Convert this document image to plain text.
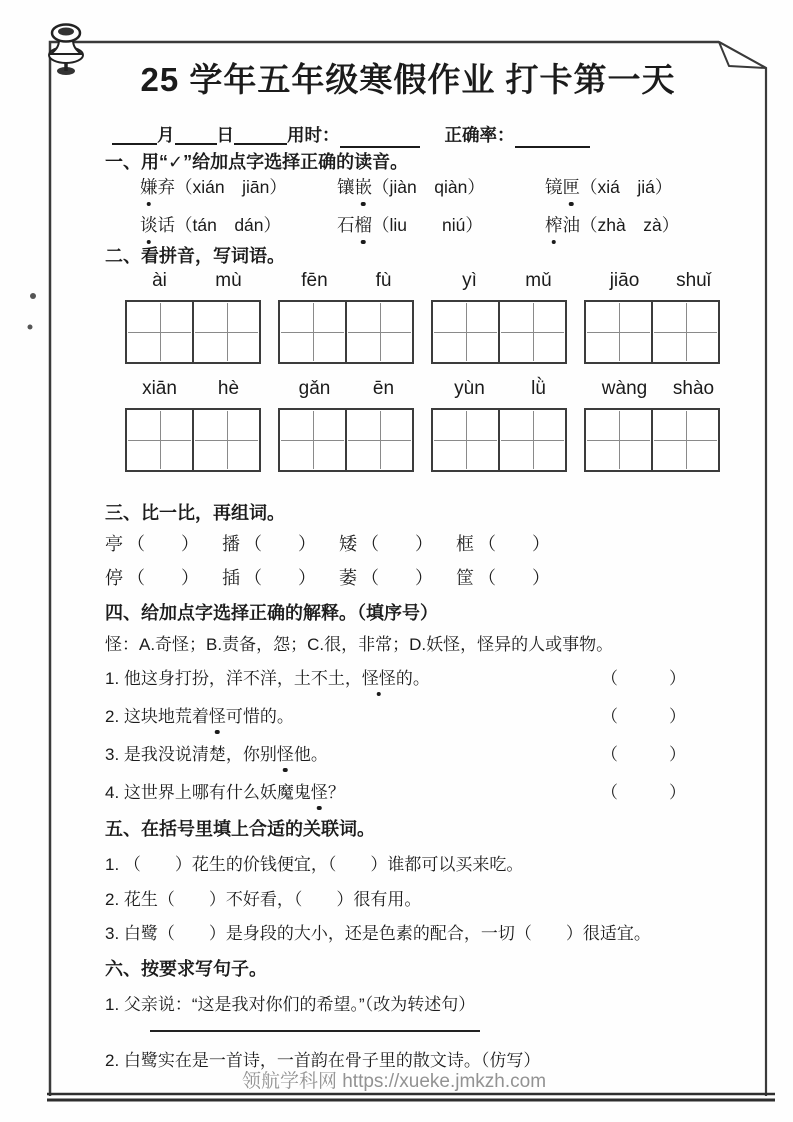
25 学年五年级寒假作业 打卡第一天
月 日	用时：	正确率：
一、用“✓”给加点字选择正确的读音。
嫌弃（xián　jiān）	镶嵌（jiàn　qiàn）	镜匣（xiá　jiá）
谈话（tán　dán）	石榴（liu　　niú）	榨油（zhà　zà）
二、看拼音，写词语。
ài	mù	fēn	fù	yì	mǔ	jiāo	shuǐ
xiān	hè	gǎn	ēn	yùn	lǜ	wàng	shào
三、比一比，再组词。
亭 （　　）	播 （　　）	矮 （　　）	框 （　　）
停 （　　）	插 （　　）	萎 （　　）	筐 （　　）
四、给加点字选择正确的解释。（填序号）
怪：A.奇怪；B.责备，怨；C.很，非常；D.妖怪，怪异的人或事物。
1. 他这身打扮，洋不洋，土不土，怪怪的。	（　　　）
2. 这块地荒着怪可惜的。	（　　　）
3. 是我没说清楚，你别怪他。	（　　　）
4. 这世界上哪有什么妖魔鬼怪？	（　　　）
五、在括号里填上合适的关联词。
1. （　　）花生的价钱便宜，（　　）谁都可以买来吃。
2. 花生（　　）不好看，（　　）很有用。
3. 白鹭（　　）是身段的大小，还是色素的配合，一切（　　）很适宜。
六、按要求写句子。
1. 父亲说：“这是我对你们的希望。”（改为转述句）
2. 白鹭实在是一首诗，一首韵在骨子里的散文诗。（仿写）
领航学科网 https://xueke.jmkzh.com
